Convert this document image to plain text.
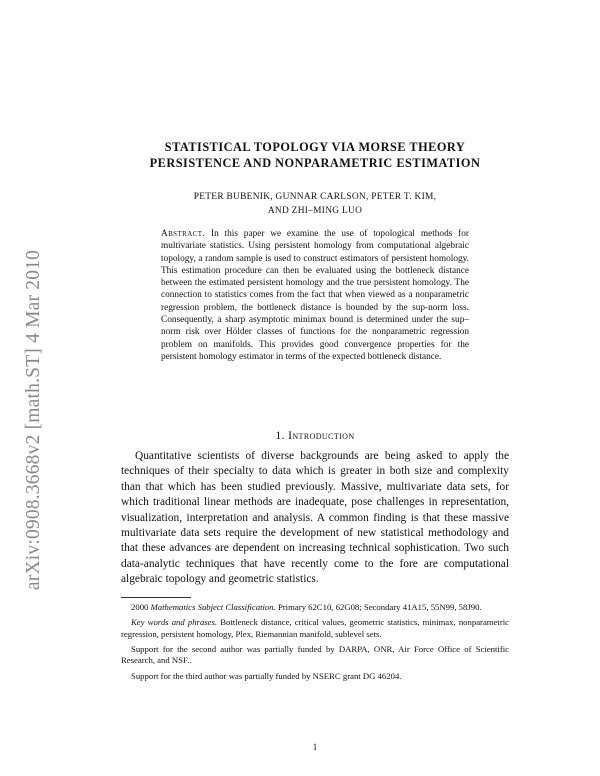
arXiv:0908.3668v2 [math.ST] 4 Mar 2010
STATISTICAL TOPOLOGY VIA MORSE THEORY
PERSISTENCE AND NONPARAMETRIC ESTIMATION
PETER BUBENIK, GUNNAR CARLSON, PETER T. KIM,
AND ZHI–MING LUO
Abstract. In this paper we examine the use of topological methods for multivariate statistics. Using persistent homology from computational algebraic topology, a random sample is used to construct estimators of persistent homology. This estimation procedure can then be evaluated using the bottleneck distance between the estimated persistent homology and the true persistent homology. The connection to statistics comes from the fact that when viewed as a nonparametric regression problem, the bottleneck distance is bounded by the sup-norm loss. Consequently, a sharp asymptotic minimax bound is determined under the sup–norm risk over Hölder classes of functions for the nonparametric regression problem on manifolds. This provides good convergence properties for the persistent homology estimator in terms of the expected bottleneck distance.
1. Introduction
Quantitative scientists of diverse backgrounds are being asked to apply the techniques of their specialty to data which is greater in both size and complexity than that which has been studied previously. Massive, multivariate data sets, for which traditional linear methods are inadequate, pose challenges in representation, visualization, interpretation and analysis. A common finding is that these massive multivariate data sets require the development of new statistical methodology and that these advances are dependent on increasing technical sophistication. Two such data-analytic techniques that have recently come to the fore are computational algebraic topology and geometric statistics.

2000 Mathematics Subject Classification. Primary 62C10, 62G08; Secondary 41A15, 55N99, 58J90.

Key words and phrases. Bottleneck distance, critical values, geometric statistics, minimax, nonparametric regression, persistent homology, Plex, Riemannian manifold, sublevel sets.

Support for the second author was partially funded by DARPA, ONR, Air Force Office of Scientific Research, and NSF..

Support for the third author was partially funded by NSERC grant DG 46204.

1
